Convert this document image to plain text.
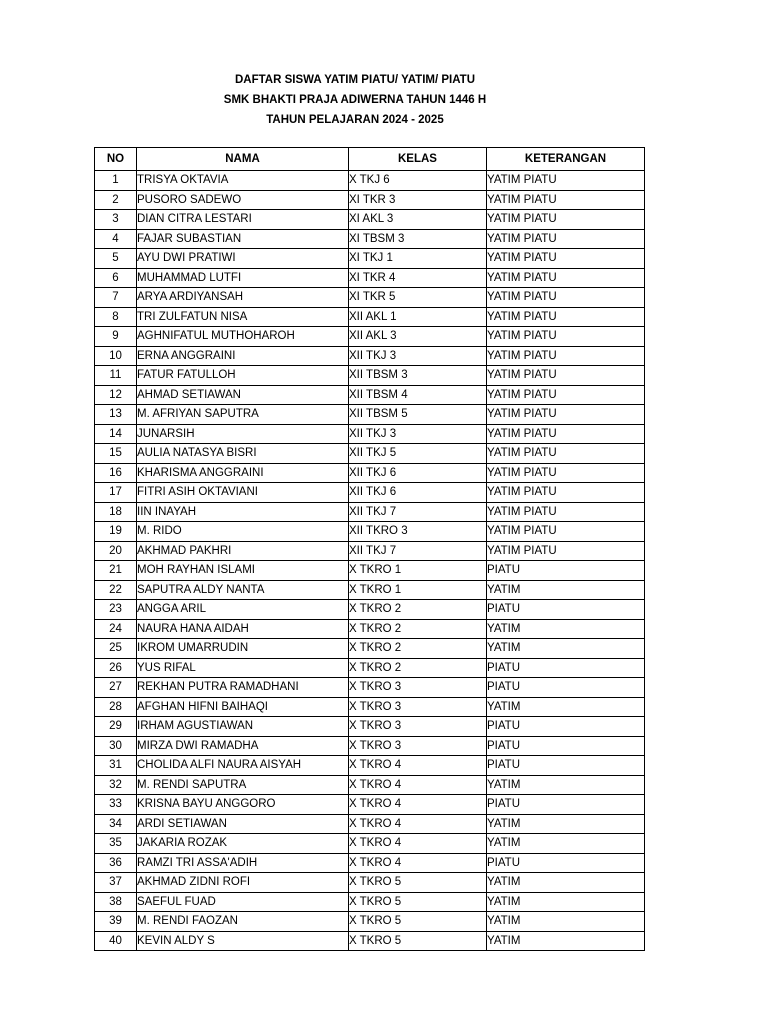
DAFTAR SISWA YATIM PIATU/ YATIM/ PIATU
SMK BHAKTI PRAJA ADIWERNA TAHUN 1446 H
TAHUN PELAJARAN 2024 - 2025
NO	NAMA	KELAS	KETERANGAN
1	TRISYA OKTAVIA	X TKJ 6	YATIM PIATU
2	PUSORO SADEWO	XI TKR 3	YATIM PIATU
3	DIAN CITRA LESTARI	XI AKL 3	YATIM PIATU
4	FAJAR SUBASTIAN	XI TBSM 3	YATIM PIATU
5	AYU DWI PRATIWI	XI TKJ 1	YATIM PIATU
6	MUHAMMAD LUTFI	XI TKR 4	YATIM PIATU
7	ARYA ARDIYANSAH	XI TKR 5	YATIM PIATU
8	TRI ZULFATUN NISA	XII AKL 1	YATIM PIATU
9	AGHNIFATUL MUTHOHAROH	XII AKL 3	YATIM PIATU
10	ERNA ANGGRAINI	XII TKJ 3	YATIM PIATU
11	FATUR FATULLOH	XII TBSM 3	YATIM PIATU
12	AHMAD SETIAWAN	XII TBSM 4	YATIM PIATU
13	M. AFRIYAN SAPUTRA	XII TBSM 5	YATIM PIATU
14	JUNARSIH	XII TKJ 3	YATIM PIATU
15	AULIA NATASYA BISRI	XII TKJ 5	YATIM PIATU
16	KHARISMA ANGGRAINI	XII TKJ 6	YATIM PIATU
17	FITRI ASIH OKTAVIANI	XII TKJ 6	YATIM PIATU
18	IIN INAYAH	XII TKJ 7	YATIM PIATU
19	M. RIDO	XII TKRO 3	YATIM PIATU
20	AKHMAD PAKHRI	XII TKJ 7	YATIM PIATU
21	MOH RAYHAN ISLAMI	X TKRO 1	PIATU
22	SAPUTRA ALDY NANTA	X TKRO 1	YATIM
23	ANGGA ARIL	X TKRO 2	PIATU
24	NAURA HANA AIDAH	X TKRO 2	YATIM
25	IKROM UMARRUDIN	X TKRO 2	YATIM
26	YUS RIFAL	X TKRO 2	PIATU
27	REKHAN PUTRA RAMADHANI	X TKRO 3	PIATU
28	AFGHAN HIFNI BAIHAQI	X TKRO 3	YATIM
29	IRHAM AGUSTIAWAN	X TKRO 3	PIATU
30	MIRZA DWI RAMADHA	X TKRO 3	PIATU
31	CHOLIDA ALFI NAURA AISYAH	X TKRO 4	PIATU
32	M. RENDI SAPUTRA	X TKRO 4	YATIM
33	KRISNA BAYU ANGGORO	X TKRO 4	PIATU
34	ARDI SETIAWAN	X TKRO 4	YATIM
35	JAKARIA ROZAK	X TKRO 4	YATIM
36	RAMZI TRI ASSA'ADIH	X TKRO 4	PIATU
37	AKHMAD ZIDNI ROFI	X TKRO 5	YATIM
38	SAEFUL FUAD	X TKRO 5	YATIM
39	M. RENDI FAOZAN	X TKRO 5	YATIM
40	KEVIN ALDY S	X TKRO 5	YATIM
